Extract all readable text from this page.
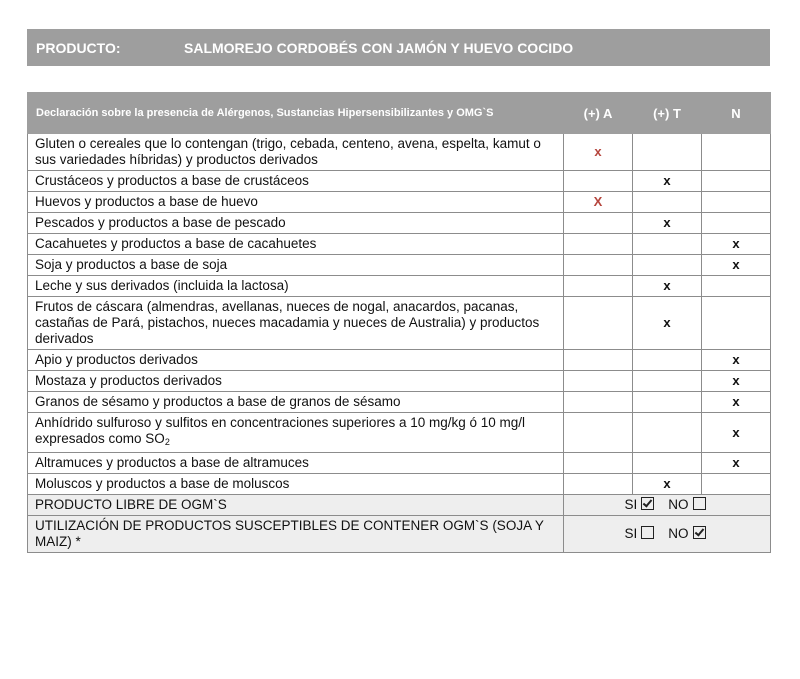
PRODUCTO:	SALMOREJO CORDOBÉS CON JAMÓN Y HUEVO COCIDO
Declaración sobre la presencia de Alérgenos, Sustancias Hipersensibilizantes y OMG`S	(+) A	(+) T	N
Gluten o cereales que lo contengan (trigo, cebada, centeno, avena, espelta, kamut o sus variedades híbridas) y productos derivados	x		
Crustáceos y productos a base de crustáceos		x	
Huevos y productos a base de huevo	X		
Pescados y productos a base de pescado		x	
Cacahuetes y productos a base de cacahuetes			x
Soja y productos a base de soja			x
Leche y sus derivados (incluida la lactosa)		x	
Frutos de cáscara (almendras, avellanas, nueces de nogal, anacardos, pacanas, castañas de Pará, pistachos, nueces macadamia y nueces de Australia) y productos derivados		x	
Apio y productos derivados			x
Mostaza y productos derivados			x
Granos de sésamo y productos a base de granos de sésamo			x
Anhídrido sulfuroso y sulfitos en concentraciones superiores a 10 mg/kg ó 10 mg/l expresados como $SO_2$			x
Altramuces y productos a base de altramuces			x
Moluscos y productos a base de moluscos		x	
PRODUCTO LIBRE DE OGM`S	SI NO		
UTILIZACIÓN DE PRODUCTOS SUSCEPTIBLES DE CONTENER OGM`S (SOJA Y MAIZ) *	SI NO		
